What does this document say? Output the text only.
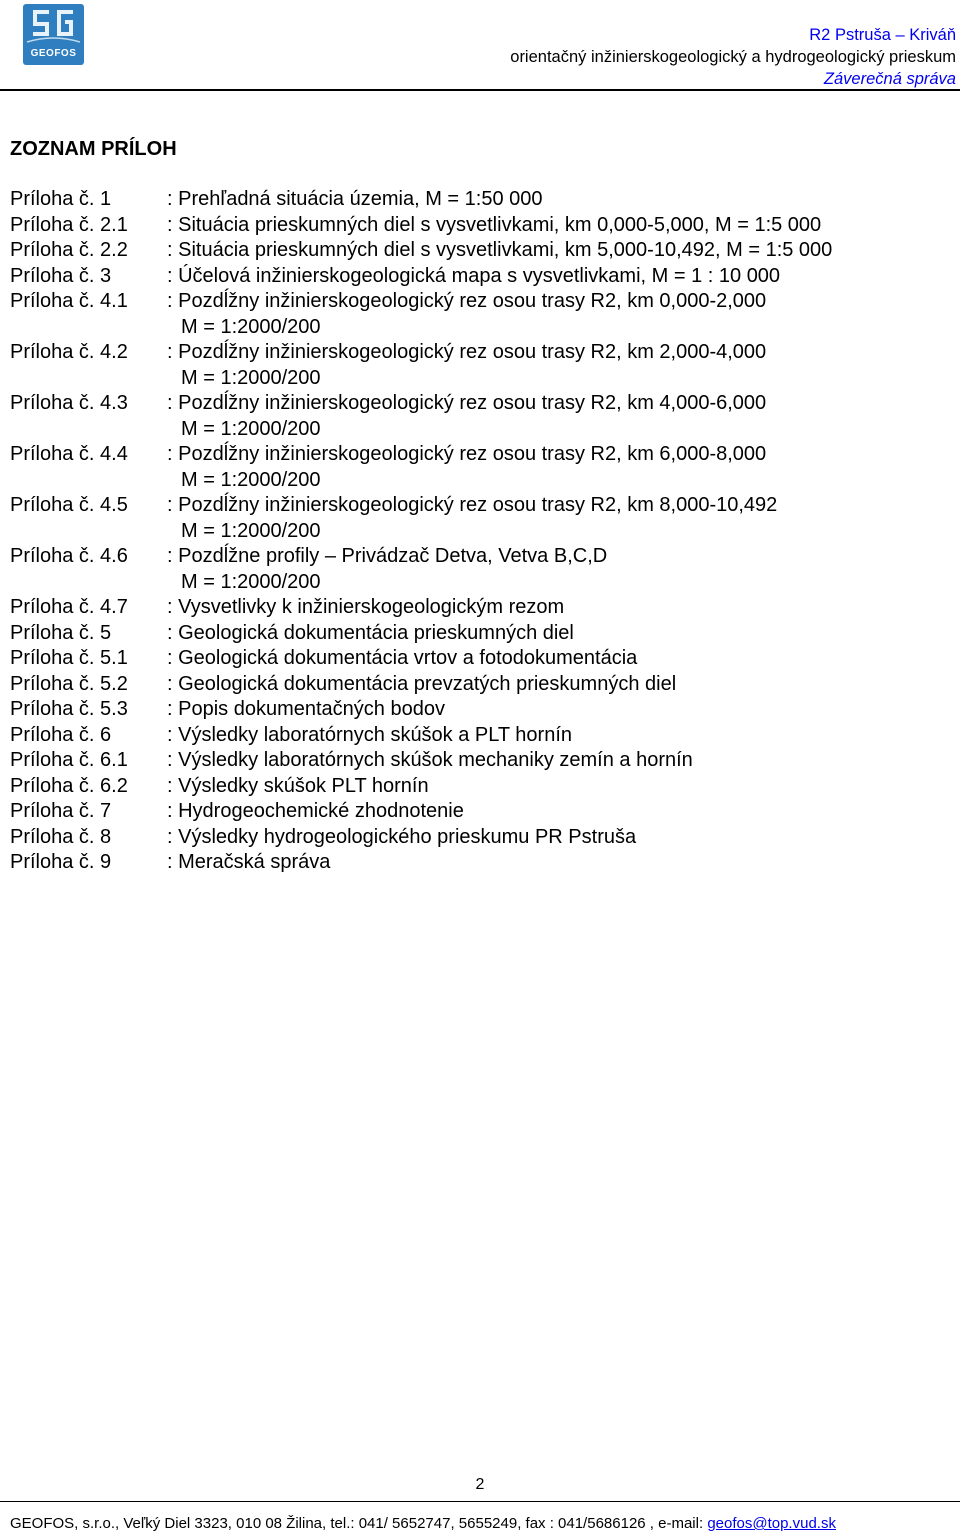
GEOFOS
R2 Pstruša – Kriváň
orientačný inžinierskogeologický a hydrogeologický prieskum
Záverečná správa
ZOZNAM PRÍLOH
Príloha č. 1	: Prehľadná situácia územia, M = 1:50 000
Príloha č. 2.1 : Situácia prieskumných diel s vysvetlivkami, km 0,000-5,000, M = 1:5 000
Príloha č. 2.2 : Situácia prieskumných diel s vysvetlivkami, km 5,000-10,492, M = 1:5 000
Príloha č. 3	: Účelová inžinierskogeologická mapa s vysvetlivkami, M = 1 : 10 000
Príloha č. 4.1 : Pozdĺžny inžinierskogeologický rez osou trasy R2, km 0,000-2,000
M = 1:2000/200
Príloha č. 4.2 : Pozdĺžny inžinierskogeologický rez osou trasy R2, km 2,000-4,000
M = 1:2000/200
Príloha č. 4.3 : Pozdĺžny inžinierskogeologický rez osou trasy R2, km 4,000-6,000
M = 1:2000/200
Príloha č. 4.4 : Pozdĺžny inžinierskogeologický rez osou trasy R2, km 6,000-8,000
M = 1:2000/200
Príloha č. 4.5 : Pozdĺžny inžinierskogeologický rez osou trasy R2, km 8,000-10,492
M = 1:2000/200
Príloha č. 4.6 : Pozdĺžne profily – Privádzač Detva, Vetva B,C,D
M = 1:2000/200
Príloha č. 4.7 : Vysvetlivky k inžinierskogeologickým rezom
Príloha č. 5	: Geologická dokumentácia prieskumných diel
Príloha č. 5.1 : Geologická dokumentácia vrtov a fotodokumentácia
Príloha č. 5.2 : Geologická dokumentácia prevzatých prieskumných diel
Príloha č. 5.3 : Popis dokumentačných bodov
Príloha č. 6	: Výsledky laboratórnych skúšok a PLT hornín
Príloha č. 6.1 : Výsledky laboratórnych skúšok mechaniky zemín a hornín
Príloha č. 6.2 : Výsledky skúšok PLT hornín
Príloha č. 7	: Hydrogeochemické zhodnotenie
Príloha č. 8	: Výsledky hydrogeologického prieskumu PR Pstruša
Príloha č. 9	: Meračská správa
2
GEOFOS, s.r.o., Veľký Diel 3323, 010 08 Žilina, tel.: 041/ 5652747, 5655249, fax : 041/5686126 , e-mail: geofos@top.vud.sk
